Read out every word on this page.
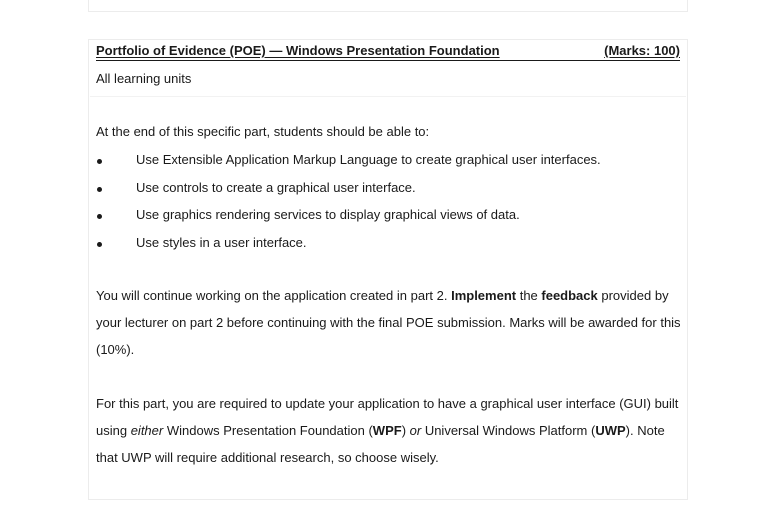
Portfolio of Evidence (POE) — Windows Presentation Foundation	(Marks: 100)
All learning units
At the end of this specific part, students should be able to:
Use Extensible Application Markup Language to create graphical user interfaces.
Use controls to create a graphical user interface.
Use graphics rendering services to display graphical views of data.
Use styles in a user interface.
You will continue working on the application created in part 2. Implement the feedback provided by your lecturer on part 2 before continuing with the final POE submission. Marks will be awarded for this (10%).
For this part, you are required to update your application to have a graphical user interface (GUI) built using either Windows Presentation Foundation (WPF) or Universal Windows Platform (UWP). Note that UWP will require additional research, so choose wisely.
